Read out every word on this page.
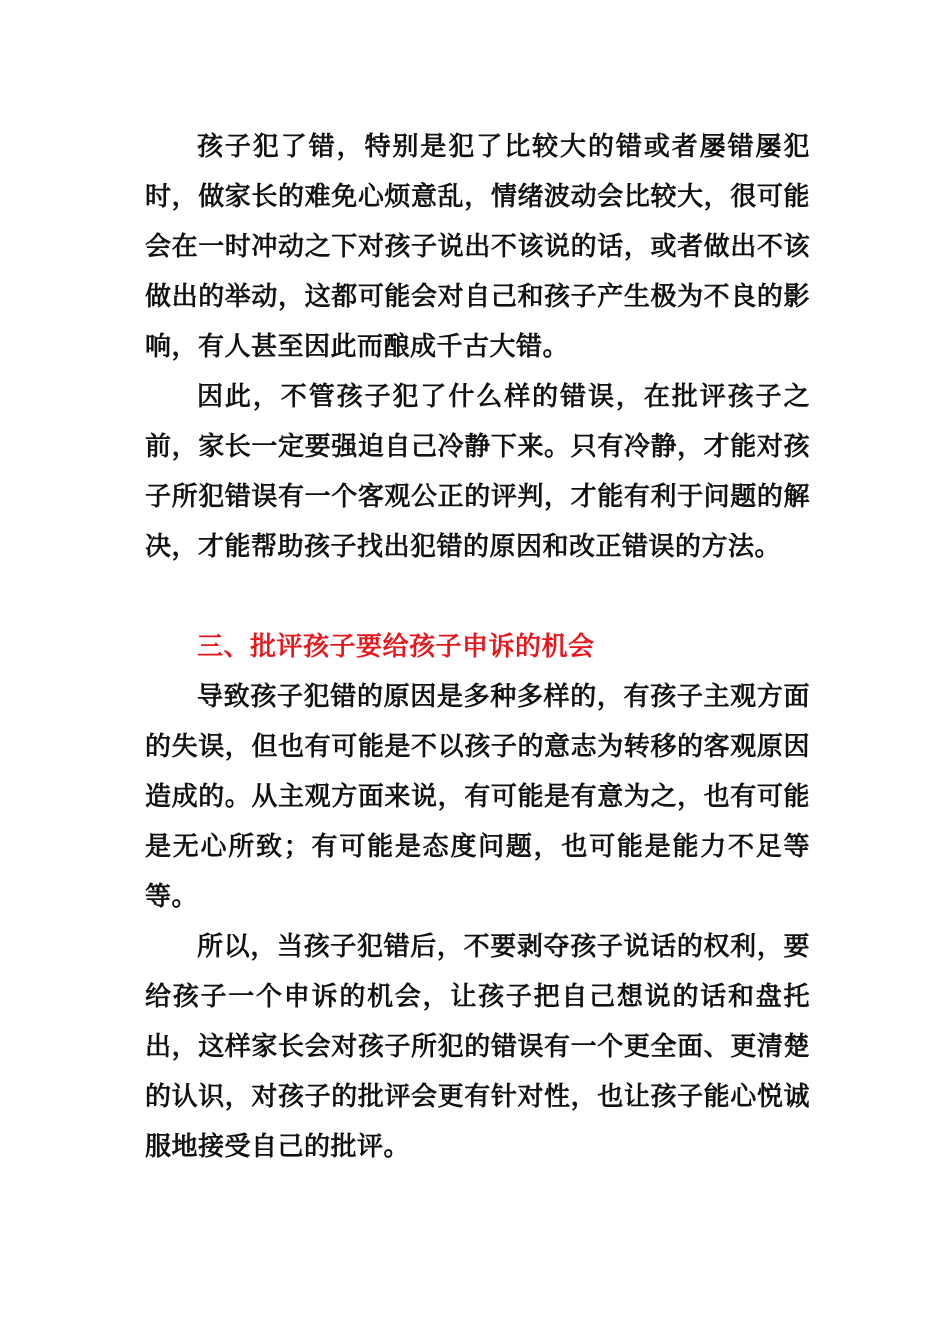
孩子犯了错，特别是犯了比较大的错或者屡错屡犯时，做家长的难免心烦意乱，情绪波动会比较大，很可能会在一时冲动之下对孩子说出不该说的话，或者做出不该做出的举动，这都可能会对自己和孩子产生极为不良的影响，有人甚至因此而酿成千古大错。

因此，不管孩子犯了什么样的错误，在批评孩子之前，家长一定要强迫自己冷静下来。只有冷静，才能对孩子所犯错误有一个客观公正的评判，才能有利于问题的解决，才能帮助孩子找出犯错的原因和改正错误的方法。

三、批评孩子要给孩子申诉的机会

导致孩子犯错的原因是多种多样的，有孩子主观方面的失误，但也有可能是不以孩子的意志为转移的客观原因造成的。从主观方面来说，有可能是有意为之，也有可能是无心所致；有可能是态度问题，也可能是能力不足等等。

所以，当孩子犯错后，不要剥夺孩子说话的权利，要给孩子一个申诉的机会，让孩子把自己想说的话和盘托出，这样家长会对孩子所犯的错误有一个更全面、更清楚的认识，对孩子的批评会更有针对性，也让孩子能心悦诚服地接受自己的批评。
